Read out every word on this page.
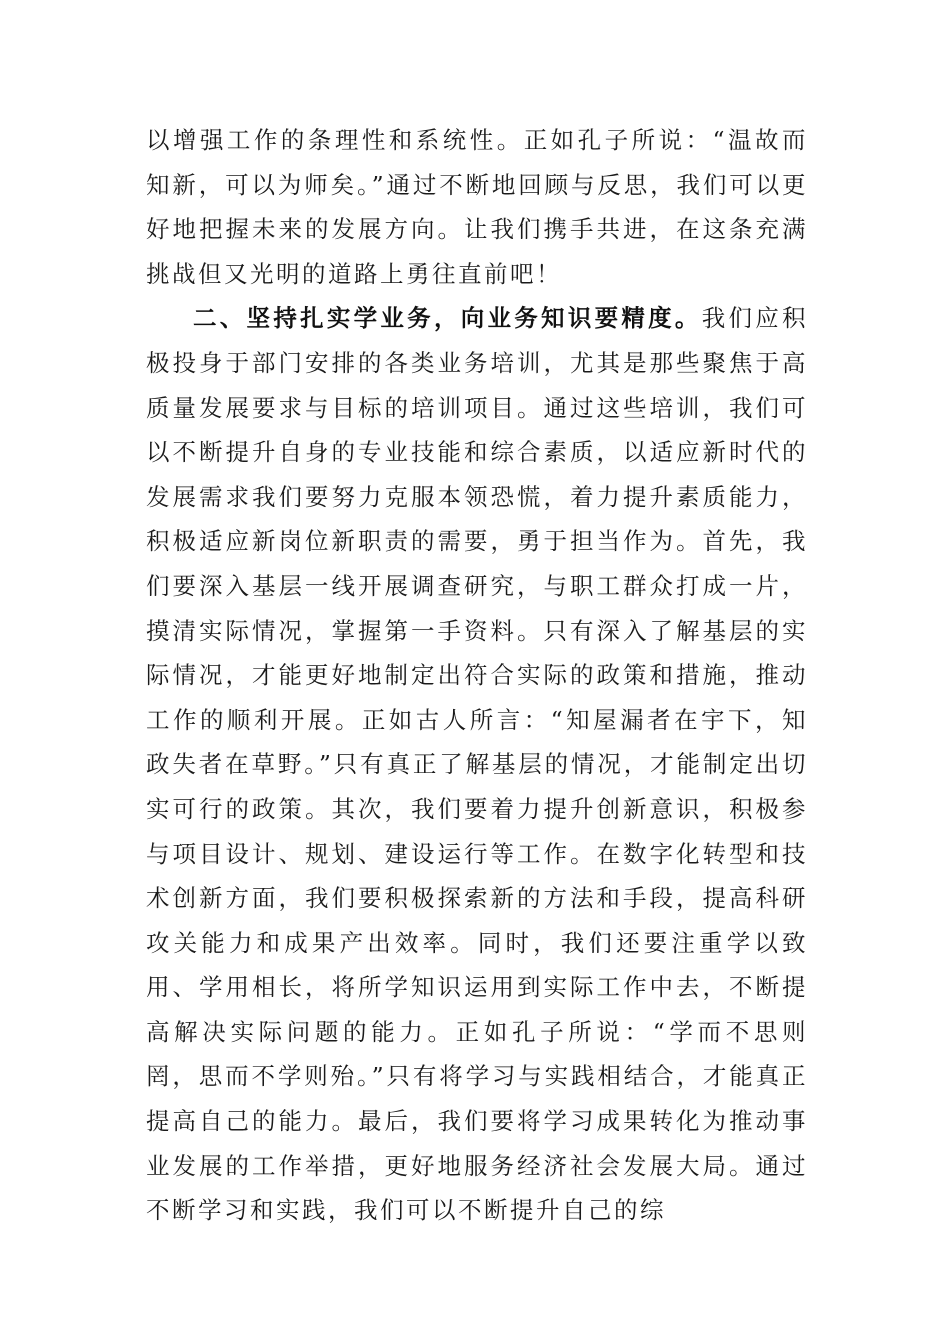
以增强工作的条理性和系统性。正如孔子所说：“温故而知新，可以为师矣。”通过不断地回顾与反思，我们可以更好地把握未来的发展方向。让我们携手共进，在这条充满挑战但又光明的道路上勇往直前吧！

二、坚持扎实学业务，向业务知识要精度。我们应积极投身于部门安排的各类业务培训，尤其是那些聚焦于高质量发展要求与目标的培训项目。通过这些培训，我们可以不断提升自身的专业技能和综合素质，以适应新时代的发展需求我们要努力克服本领恐慌，着力提升素质能力，积极适应新岗位新职责的需要，勇于担当作为。首先，我们要深入基层一线开展调查研究，与职工群众打成一片，摸清实际情况，掌握第一手资料。只有深入了解基层的实际情况，才能更好地制定出符合实际的政策和措施，推动工作的顺利开展。正如古人所言：“知屋漏者在宇下，知政失者在草野。”只有真正了解基层的情况，才能制定出切实可行的政策。其次，我们要着力提升创新意识，积极参与项目设计、规划、建设运行等工作。在数字化转型和技术创新方面，我们要积极探索新的方法和手段，提高科研攻关能力和成果产出效率。同时，我们还要注重学以致用、学用相长，将所学知识运用到实际工作中去，不断提高解决实际问题的能力。正如孔子所说：“学而不思则罔，思而不学则殆。”只有将学习与实践相结合，才能真正提高自己的能力。最后，我们要将学习成果转化为推动事业发展的工作举措，更好地服务经济社会发展大局。通过不断学习和实践，我们可以不断提升自己的综
